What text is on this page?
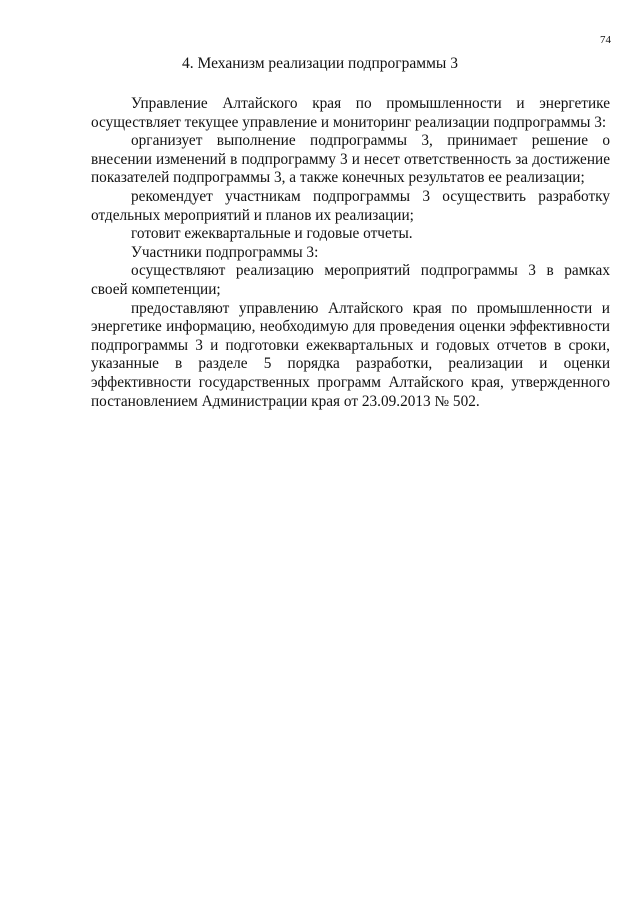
74
4. Механизм реализации подпрограммы 3

Управление Алтайского края по промышленности и энергетике осуществляет текущее управление и мониторинг реализации подпрограммы 3:

организует выполнение подпрограммы 3, принимает решение о внесении изменений в подпрограмму 3 и несет ответственность за достижение показателей подпрограммы 3, а также конечных результатов ее реализации;

рекомендует участникам подпрограммы 3 осуществить разработку отдельных мероприятий и планов их реализации;

готовит ежеквартальные и годовые отчеты.

Участники подпрограммы 3:

осуществляют реализацию мероприятий подпрограммы 3 в рамках своей компетенции;

предоставляют управлению Алтайского края по промышленности и энергетике информацию, необходимую для проведения оценки эффективности подпрограммы 3 и подготовки ежеквартальных и годовых отчетов в сроки, указанные в разделе 5 порядка разработки, реализации и оценки эффективности государственных программ Алтайского края, утвержденного постановлением Администрации края от 23.09.2013 № 502.
